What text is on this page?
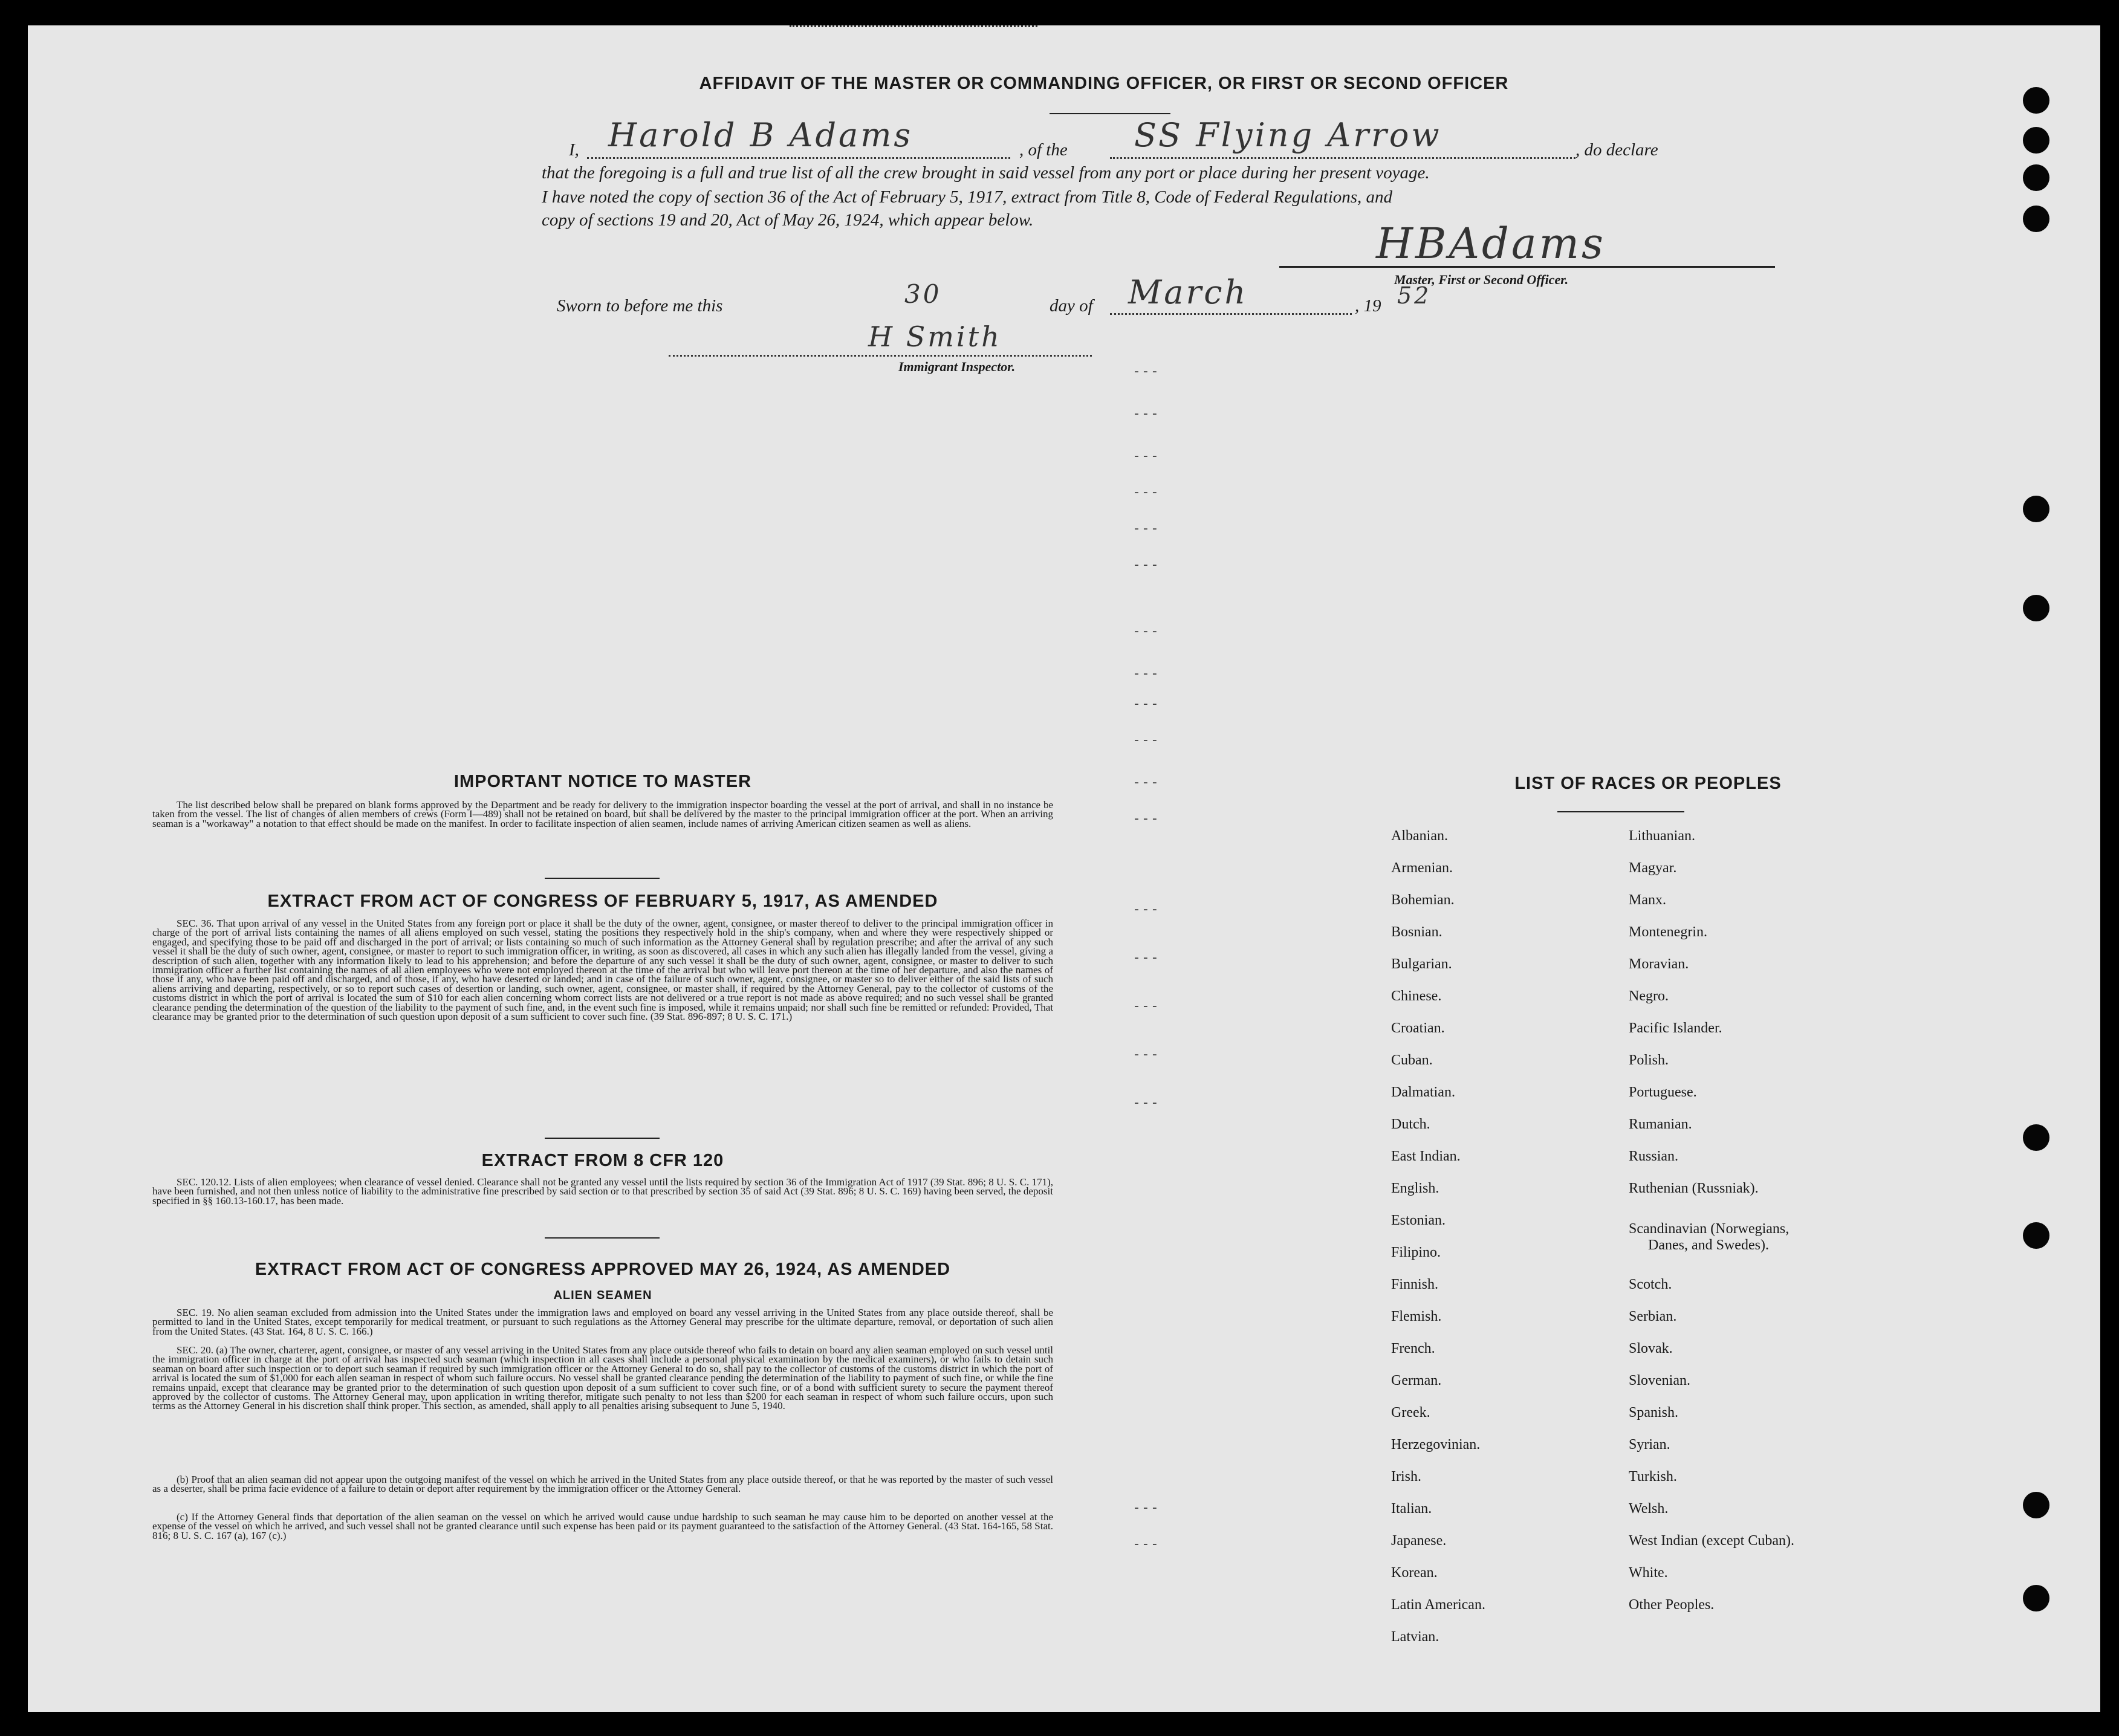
AFFIDAVIT OF THE MASTER OR COMMANDING OFFICER, OR FIRST OR SECOND OFFICER
I, Harold B Adams	, of the SS Flying Arrow	, do declare
that the foregoing is a full and true list of all the crew brought in said vessel from any port or place during her present voyage.
I have noted the copy of section 36 of the Act of February 5, 1917, extract from Title 8, Code of Federal Regulations, and
copy of sections 19 and 20, Act of May 26, 1924, which appear below.	HBAdams
Master, First or Second Officer.
Sworn to before me this	30	day of March	, 19 52
H Smith
Immigrant Inspector.	- - -
- - -
- - -
- - -
- - -
- - -
- - -
- - -
- - -
- - -
- - -
- - -
- - -
- - -
- - -
- - -
- - -
- - -
- - -
IMPORTANT NOTICE TO MASTER
The list described below shall be prepared on blank forms approved by the Department and be ready for delivery to the immigration inspector boarding the vessel at the port of arrival, and shall in no instance be taken from the vessel. The list of changes of alien members of crews (Form I—489) shall not be retained on board, but shall be delivered by the master to the principal immigration officer at the port. When an arriving seaman is a "workaway" a notation to that effect should be made on the manifest. In order to facilitate inspection of alien seamen, include names of arriving American citizen seamen as well as aliens.
EXTRACT FROM ACT OF CONGRESS OF FEBRUARY 5, 1917, AS AMENDED
SEC. 36. That upon arrival of any vessel in the United States from any foreign port or place it shall be the duty of the owner, agent, consignee, or master thereof to deliver to the principal immigration officer in charge of the port of arrival lists containing the names of all aliens employed on such vessel, stating the positions they respectively hold in the ship's company, when and where they were respectively shipped or engaged, and specifying those to be paid off and discharged in the port of arrival; or lists containing so much of such information as the Attorney General shall by regulation prescribe; and after the arrival of any such vessel it shall be the duty of such owner, agent, consignee, or master to report to such immigration officer, in writing, as soon as discovered, all cases in which any such alien has illegally landed from the vessel, giving a description of such alien, together with any information likely to lead to his apprehension; and before the departure of any such vessel it shall be the duty of such owner, agent, consignee, or master to deliver to such immigration officer a further list containing the names of all alien employees who were not employed thereon at the time of the arrival but who will leave port thereon at the time of her departure, and also the names of those if any, who have been paid off and discharged, and of those, if any, who have deserted or landed; and in case of the failure of such owner, agent, consignee, or master so to deliver either of the said lists of such aliens arriving and departing, respectively, or so to report such cases of desertion or landing, such owner, agent, consignee, or master shall, if required by the Attorney General, pay to the collector of customs of the customs district in which the port of arrival is located the sum of $10 for each alien concerning whom correct lists are not delivered or a true report is not made as above required; and no such vessel shall be granted clearance pending the determination of the question of the liability to the payment of such fine, and, in the event such fine is imposed, while it remains unpaid; nor shall such fine be remitted or refunded: Provided, That clearance may be granted prior to the determination of such question upon deposit of a sum sufficient to cover such fine. (39 Stat. 896-897; 8 U. S. C. 171.)
EXTRACT FROM 8 CFR 120
SEC. 120.12. Lists of alien employees; when clearance of vessel denied. Clearance shall not be granted any vessel until the lists required by section 36 of the Immigration Act of 1917 (39 Stat. 896; 8 U. S. C. 171), have been furnished, and not then unless notice of liability to the administrative fine prescribed by said section or to that prescribed by section 35 of said Act (39 Stat. 896; 8 U. S. C. 169) having been served, the deposit specified in §§ 160.13-160.17, has been made.
EXTRACT FROM ACT OF CONGRESS APPROVED MAY 26, 1924, AS AMENDED
ALIEN SEAMEN
SEC. 19. No alien seaman excluded from admission into the United States under the immigration laws and employed on board any vessel arriving in the United States from any place outside thereof, shall be permitted to land in the United States, except temporarily for medical treatment, or pursuant to such regulations as the Attorney General may prescribe for the ultimate departure, removal, or deportation of such alien from the United States. (43 Stat. 164, 8 U. S. C. 166.)
SEC. 20. (a) The owner, charterer, agent, consignee, or master of any vessel arriving in the United States from any place outside thereof who fails to detain on board any alien seaman employed on such vessel until the immigration officer in charge at the port of arrival has inspected such seaman (which inspection in all cases shall include a personal physical examination by the medical examiners), or who fails to detain such seaman on board after such inspection or to deport such seaman if required by such immigration officer or the Attorney General to do so, shall pay to the collector of customs of the customs district in which the port of arrival is located the sum of $1,000 for each alien seaman in respect of whom such failure occurs. No vessel shall be granted clearance pending the determination of the liability to payment of such fine, or while the fine remains unpaid, except that clearance may be granted prior to the determination of such question upon deposit of a sum sufficient to cover such fine, or of a bond with sufficient surety to secure the payment thereof approved by the collector of customs. The Attorney General may, upon application in writing therefor, mitigate such penalty to not less than $200 for each seaman in respect of whom such failure occurs, upon such terms as the Attorney General in his discretion shall think proper. This section, as amended, shall apply to all penalties arising subsequent to June 5, 1940.
(b) Proof that an alien seaman did not appear upon the outgoing manifest of the vessel on which he arrived in the United States from any place outside thereof, or that he was reported by the master of such vessel as a deserter, shall be prima facie evidence of a failure to detain or deport after requirement by the immigration officer or the Attorney General.
(c) If the Attorney General finds that deportation of the alien seaman on the vessel on which he arrived would cause undue hardship to such seaman he may cause him to be deported on another vessel at the expense of the vessel on which he arrived, and such vessel shall not be granted clearance until such expense has been paid or its payment guaranteed to the satisfaction of the Attorney General. (43 Stat. 164-165, 58 Stat. 816; 8 U. S. C. 167 (a), 167 (c).)
LIST OF RACES OR PEOPLES
Albanian.
Armenian.
Bohemian.
Bosnian.
Bulgarian.
Chinese.
Croatian.
Cuban.
Dalmatian.
Dutch.
East Indian.
English.
Estonian.
Filipino.
Finnish.
Flemish.
French.
German.
Greek.
Herzegovinian.
Irish.
Italian.
Japanese.
Korean.
Latin American.
Latvian.
Lithuanian.
Magyar.
Manx.
Montenegrin.
Moravian.
Negro.
Pacific Islander.
Polish.
Portuguese.
Rumanian.
Russian.
Ruthenian (Russniak).
Scandinavian (Norwegians,
Danes, and Swedes).
Scotch.
Serbian.
Slovak.
Slovenian.
Spanish.
Syrian.
Turkish.
Welsh.
West Indian (except Cuban).
White.
Other Peoples.
